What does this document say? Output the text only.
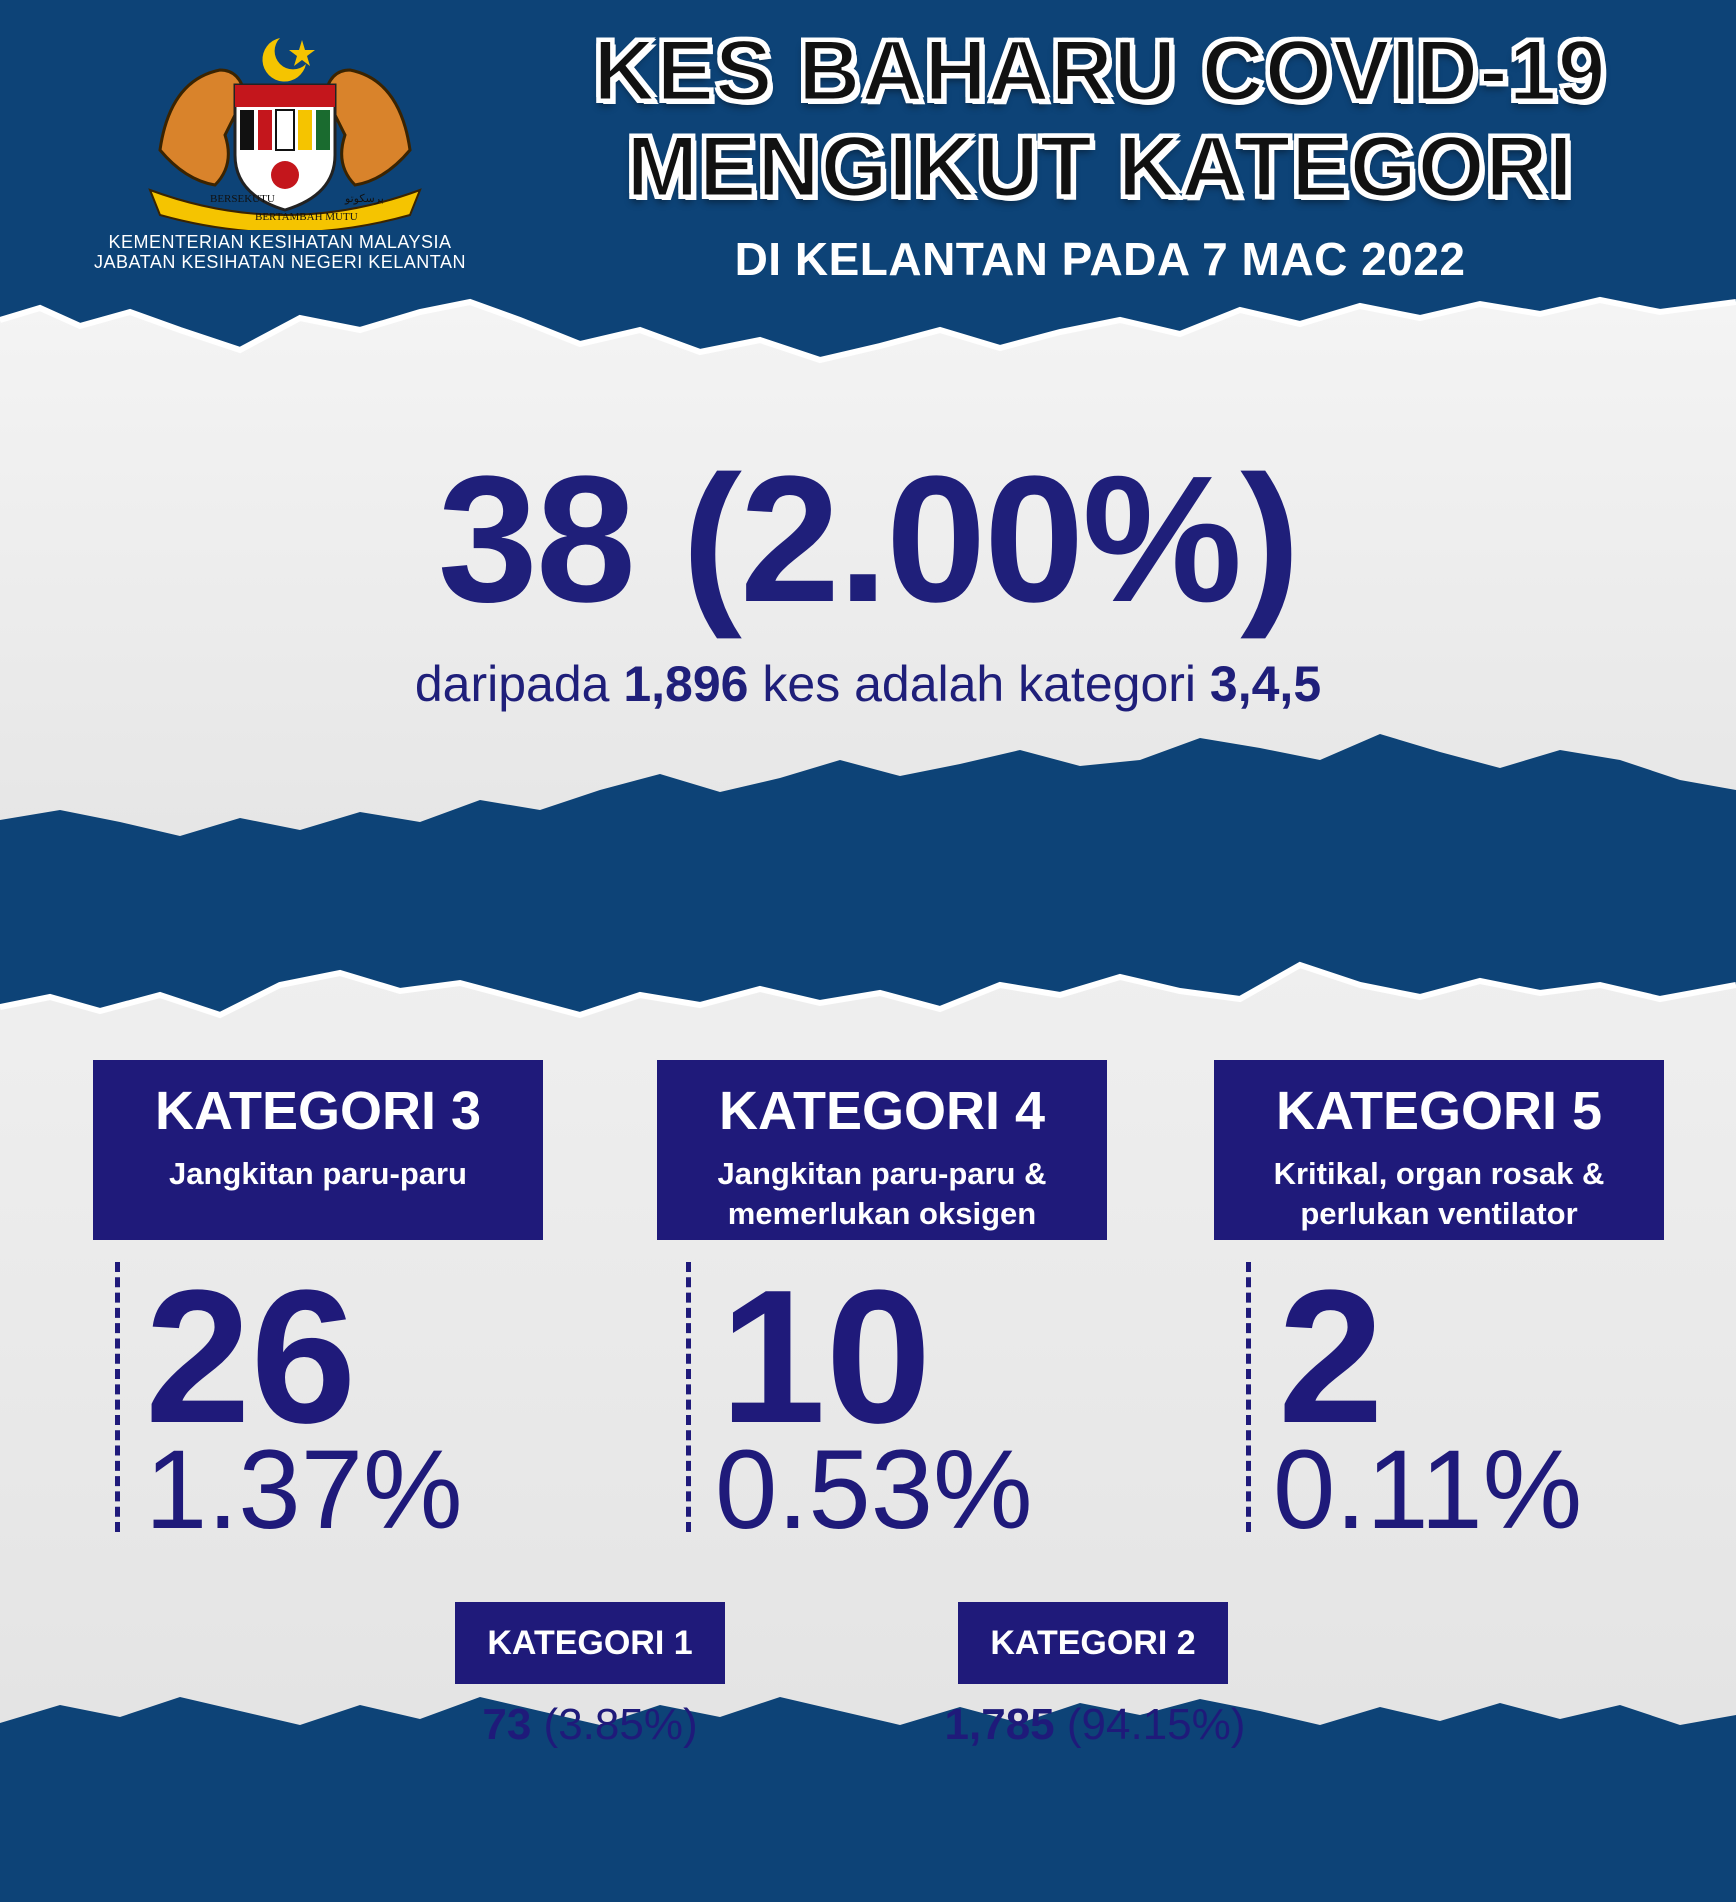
BERSEKUTU
BERTAMBAH MUTU
برسکوتو
KEMENTERIAN KESIHATAN MALAYSIA
JABATAN KESIHATAN NEGERI KELANTAN
KES BAHARU COVID-19
MENGIKUT KATEGORI
DI KELANTAN PADA 7 MAC 2022
38 (2.00%)
daripada 1,896 kes adalah kategori 3,4,5
KATEGORI 3
Jangkitan paru-paru
26
1.37%
KATEGORI 4
Jangkitan paru-paru & memerlukan oksigen
10
0.53%
KATEGORI 5
Kritikal, organ rosak & perlukan ventilator
2
0.11%
KATEGORI 1
73 (3.85%)
KATEGORI 2
1,785 (94.15%)
